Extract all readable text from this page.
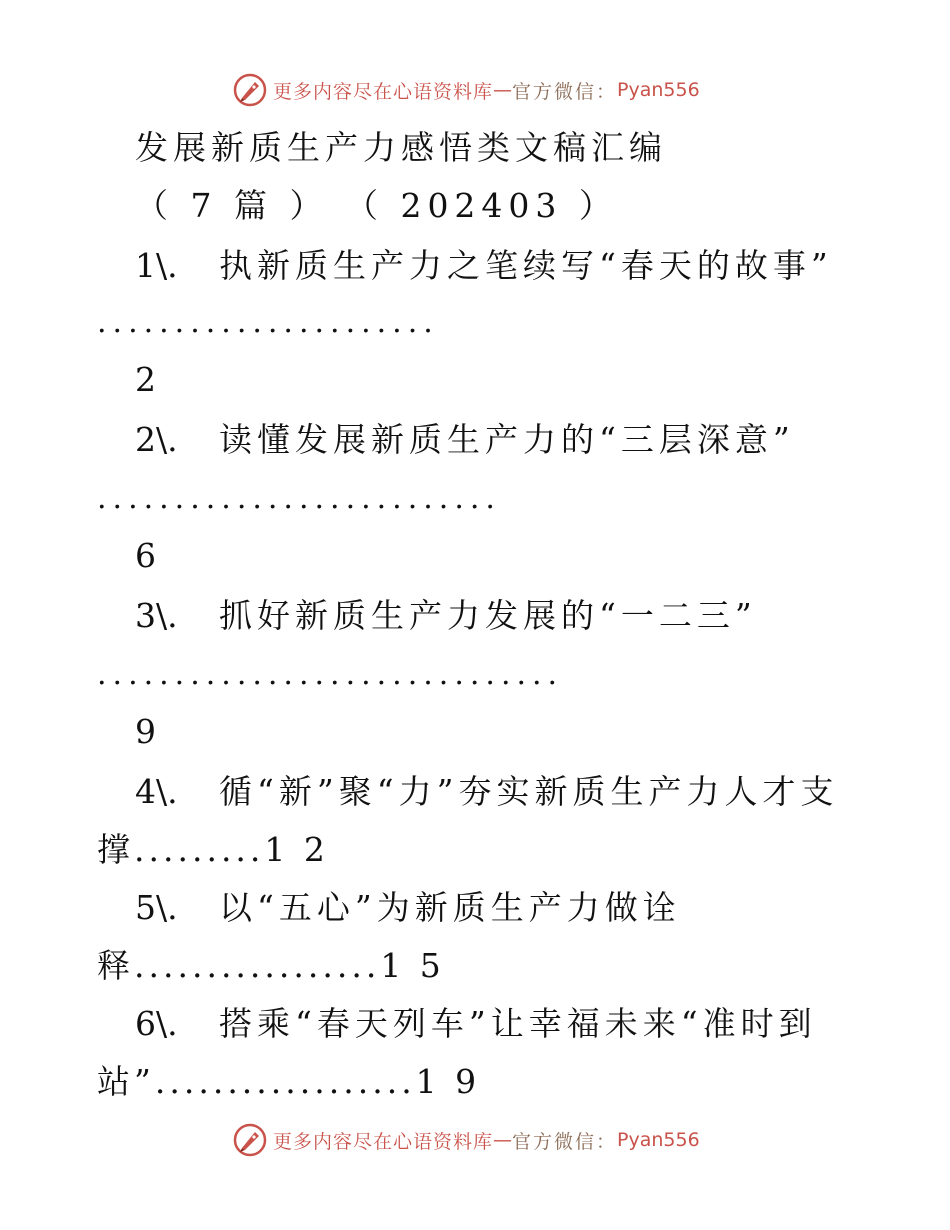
更多内容尽在心语资料库 — 官方微信： Pyan556
发展新质生产力感悟类文稿汇编
（ 7 篇 ） （ 202403 ）
1\. 执新质生产力之笔续写“春天的故事”
......................
2
2\. 读懂发展新质生产力的“三层深意”
..........................
6
3\. 抓好新质生产力发展的“一二三”
..............................
9
4\. 循“新”聚“力”夯实新质生产力人才支
撑.........1 2
5\. 以“五心”为新质生产力做诠
释.................1 5
6\. 搭乘“春天列车”让幸福未来“准时到
站”..................1 9
更多内容尽在心语资料库 — 官方微信： Pyan556
